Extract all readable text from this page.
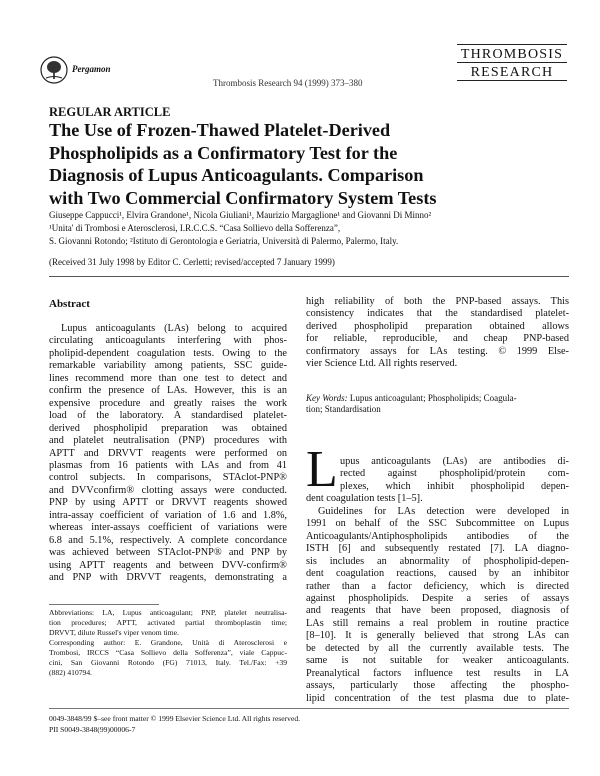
Pergamon
THROMBOSIS
RESEARCH
Thrombosis Research 94 (1999) 373–380
REGULAR ARTICLE
The Use of Frozen-Thawed Platelet-Derived
Phospholipids as a Confirmatory Test for the
Diagnosis of Lupus Anticoagulants. Comparison
with Two Commercial Confirmatory System Tests
Giuseppe Cappucci¹, Elvira Grandone¹, Nicola Giuliani¹, Maurizio Margaglione¹ and Giovanni Di Minno²
¹Unita' di Trombosi e Aterosclerosi, I.R.C.C.S. “Casa Sollievo della Sofferenza”,
S. Giovanni Rotondo; ²Istituto di Gerontologia e Geriatria, Università di Palermo, Palermo, Italy.
(Received 31 July 1998 by Editor C. Cerletti; revised/accepted 7 January 1999)
Abstract
Lupus anticoagulants (LAs) belong to acquired
circulating anticoagulants interfering with phos-
pholipid-dependent coagulation tests. Owing to the
remarkable variability among patients, SSC guide-
lines recommend more than one test to detect and
confirm the presence of LAs. However, this is an
expensive procedure and greatly raises the work
load of the laboratory. A standardised platelet-
derived phospholipid preparation was obtained
and platelet neutralisation (PNP) procedures with
APTT and DRVVT reagents were performed on
plasmas from 16 patients with LAs and from 41
control subjects. In comparisons, STAclot-PNP®
and DVVconfirm® clotting assays were conducted.
PNP by using APTT or DRVVT reagents showed
intra-assay coefficient of variation of 1.6 and 1.8%,
whereas inter-assays coefficient of variations were
6.8 and 5.1%, respectively. A complete concordance
was achieved between STAclot-PNP® and PNP by
using APTT reagents and between DVV-confirm®
and PNP with DRVVT reagents, demonstrating a
high reliability of both the PNP-based assays. This
consistency indicates that the standardised platelet-
derived phospholipid preparation obtained allows
for reliable, reproducible, and cheap PNP-based
confirmatory assays for LAs testing. © 1999 Else-
vier Science Ltd. All rights reserved.
Key Words: Lupus anticoagulant; Phospholipids; Coagula-
tion; Standardisation
L upus anticoagulants (LAs) are antibodies di-
rected against phospholipid/protein com-
plexes, which inhibit phospholipid depen-
dent coagulation tests [1–5].
Guidelines for LAs detection were developed in
1991 on behalf of the SSC Subcommittee on Lupus
Anticoagulants/Antiphospholipids antibodies of the
ISTH [6] and subsequently restated [7]. LA diagno-
sis includes an abnormality of phospholipid-depen-
dent coagulation reactions, caused by an inhibitor
rather than a factor deficiency, which is directed
against phospholipids. Despite a series of assays
and reagents that have been proposed, diagnosis of
LAs still remains a real problem in routine practice
[8–10]. It is generally believed that strong LAs can
be detected by all the currently available tests. The
same is not suitable for weaker anticoagulants.
Preanalytical factors influence test results in LA
assays, particularly those affecting the phospho-
lipid concentration of the test plasma due to plate-
Abbreviations: LA, Lupus anticoagulant; PNP, platelet neutralisa-
tion procedures; APTT, activated partial thromboplastin time;
DRVVT, dilute Russel's viper venom time.
Corresponding author: E. Grandone, Unità di Aterosclerosi e
Trombosi, IRCCS “Casa Sollievo della Sofferenza”, viale Cappuc-
cini, San Giovanni Rotondo (FG) 71013, Italy. Tel./Fax: +39
(882) 410794.
0049-3848/99 $–see front matter © 1999 Elsevier Science Ltd. All rights reserved.
PII S0049-3848(99)00006-7
